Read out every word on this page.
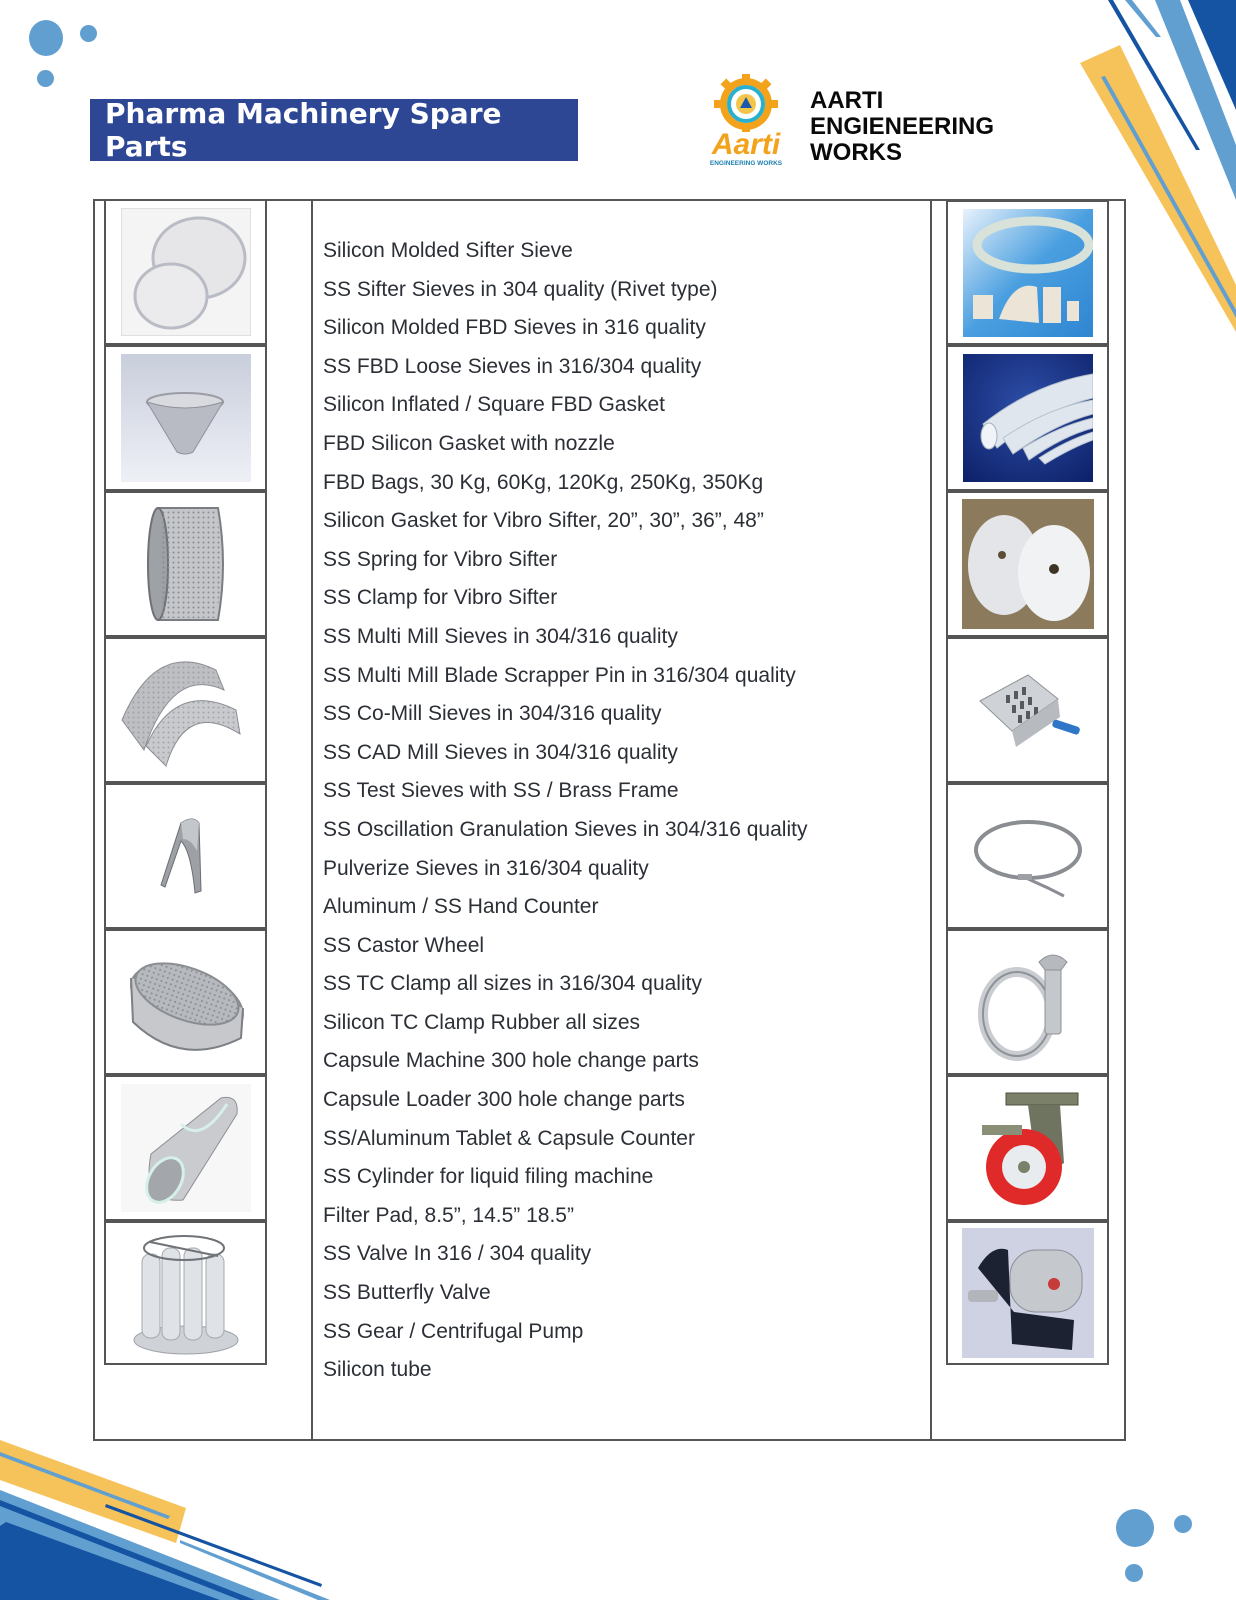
Pharma Machinery Spare Parts	Aarti
ENGINEERING WORKS
AARTI
ENGIENEERING
WORKS
Silicon Molded Sifter Sieve
SS Sifter Sieves in 304 quality (Rivet type)
Silicon Molded FBD Sieves in 316 quality
SS FBD Loose Sieves in 316/304 quality
Silicon Inflated / Square FBD Gasket
FBD Silicon Gasket with nozzle
FBD Bags, 30 Kg, 60Kg, 120Kg, 250Kg, 350Kg
Silicon Gasket for Vibro Sifter, 20”, 30”, 36”, 48”
SS Spring for Vibro Sifter
SS Clamp for Vibro Sifter
SS Multi Mill Sieves in 304/316 quality
SS Multi Mill Blade Scrapper Pin in 316/304 quality
SS Co-Mill Sieves in 304/316 quality
SS CAD Mill Sieves in 304/316 quality
SS Test Sieves with SS / Brass Frame
SS Oscillation Granulation Sieves in 304/316 quality
Pulverize Sieves in 316/304 quality
Aluminum / SS Hand Counter
SS Castor Wheel
SS TC Clamp all sizes in 316/304 quality
Silicon TC Clamp Rubber all sizes
Capsule Machine 300 hole change parts
Capsule Loader 300 hole change parts
SS/Aluminum Tablet & Capsule Counter
SS Cylinder for liquid filing machine
Filter Pad, 8.5”, 14.5” 18.5”
SS Valve In 316 / 304 quality
SS Butterfly Valve
SS Gear / Centrifugal Pump
Silicon tube
